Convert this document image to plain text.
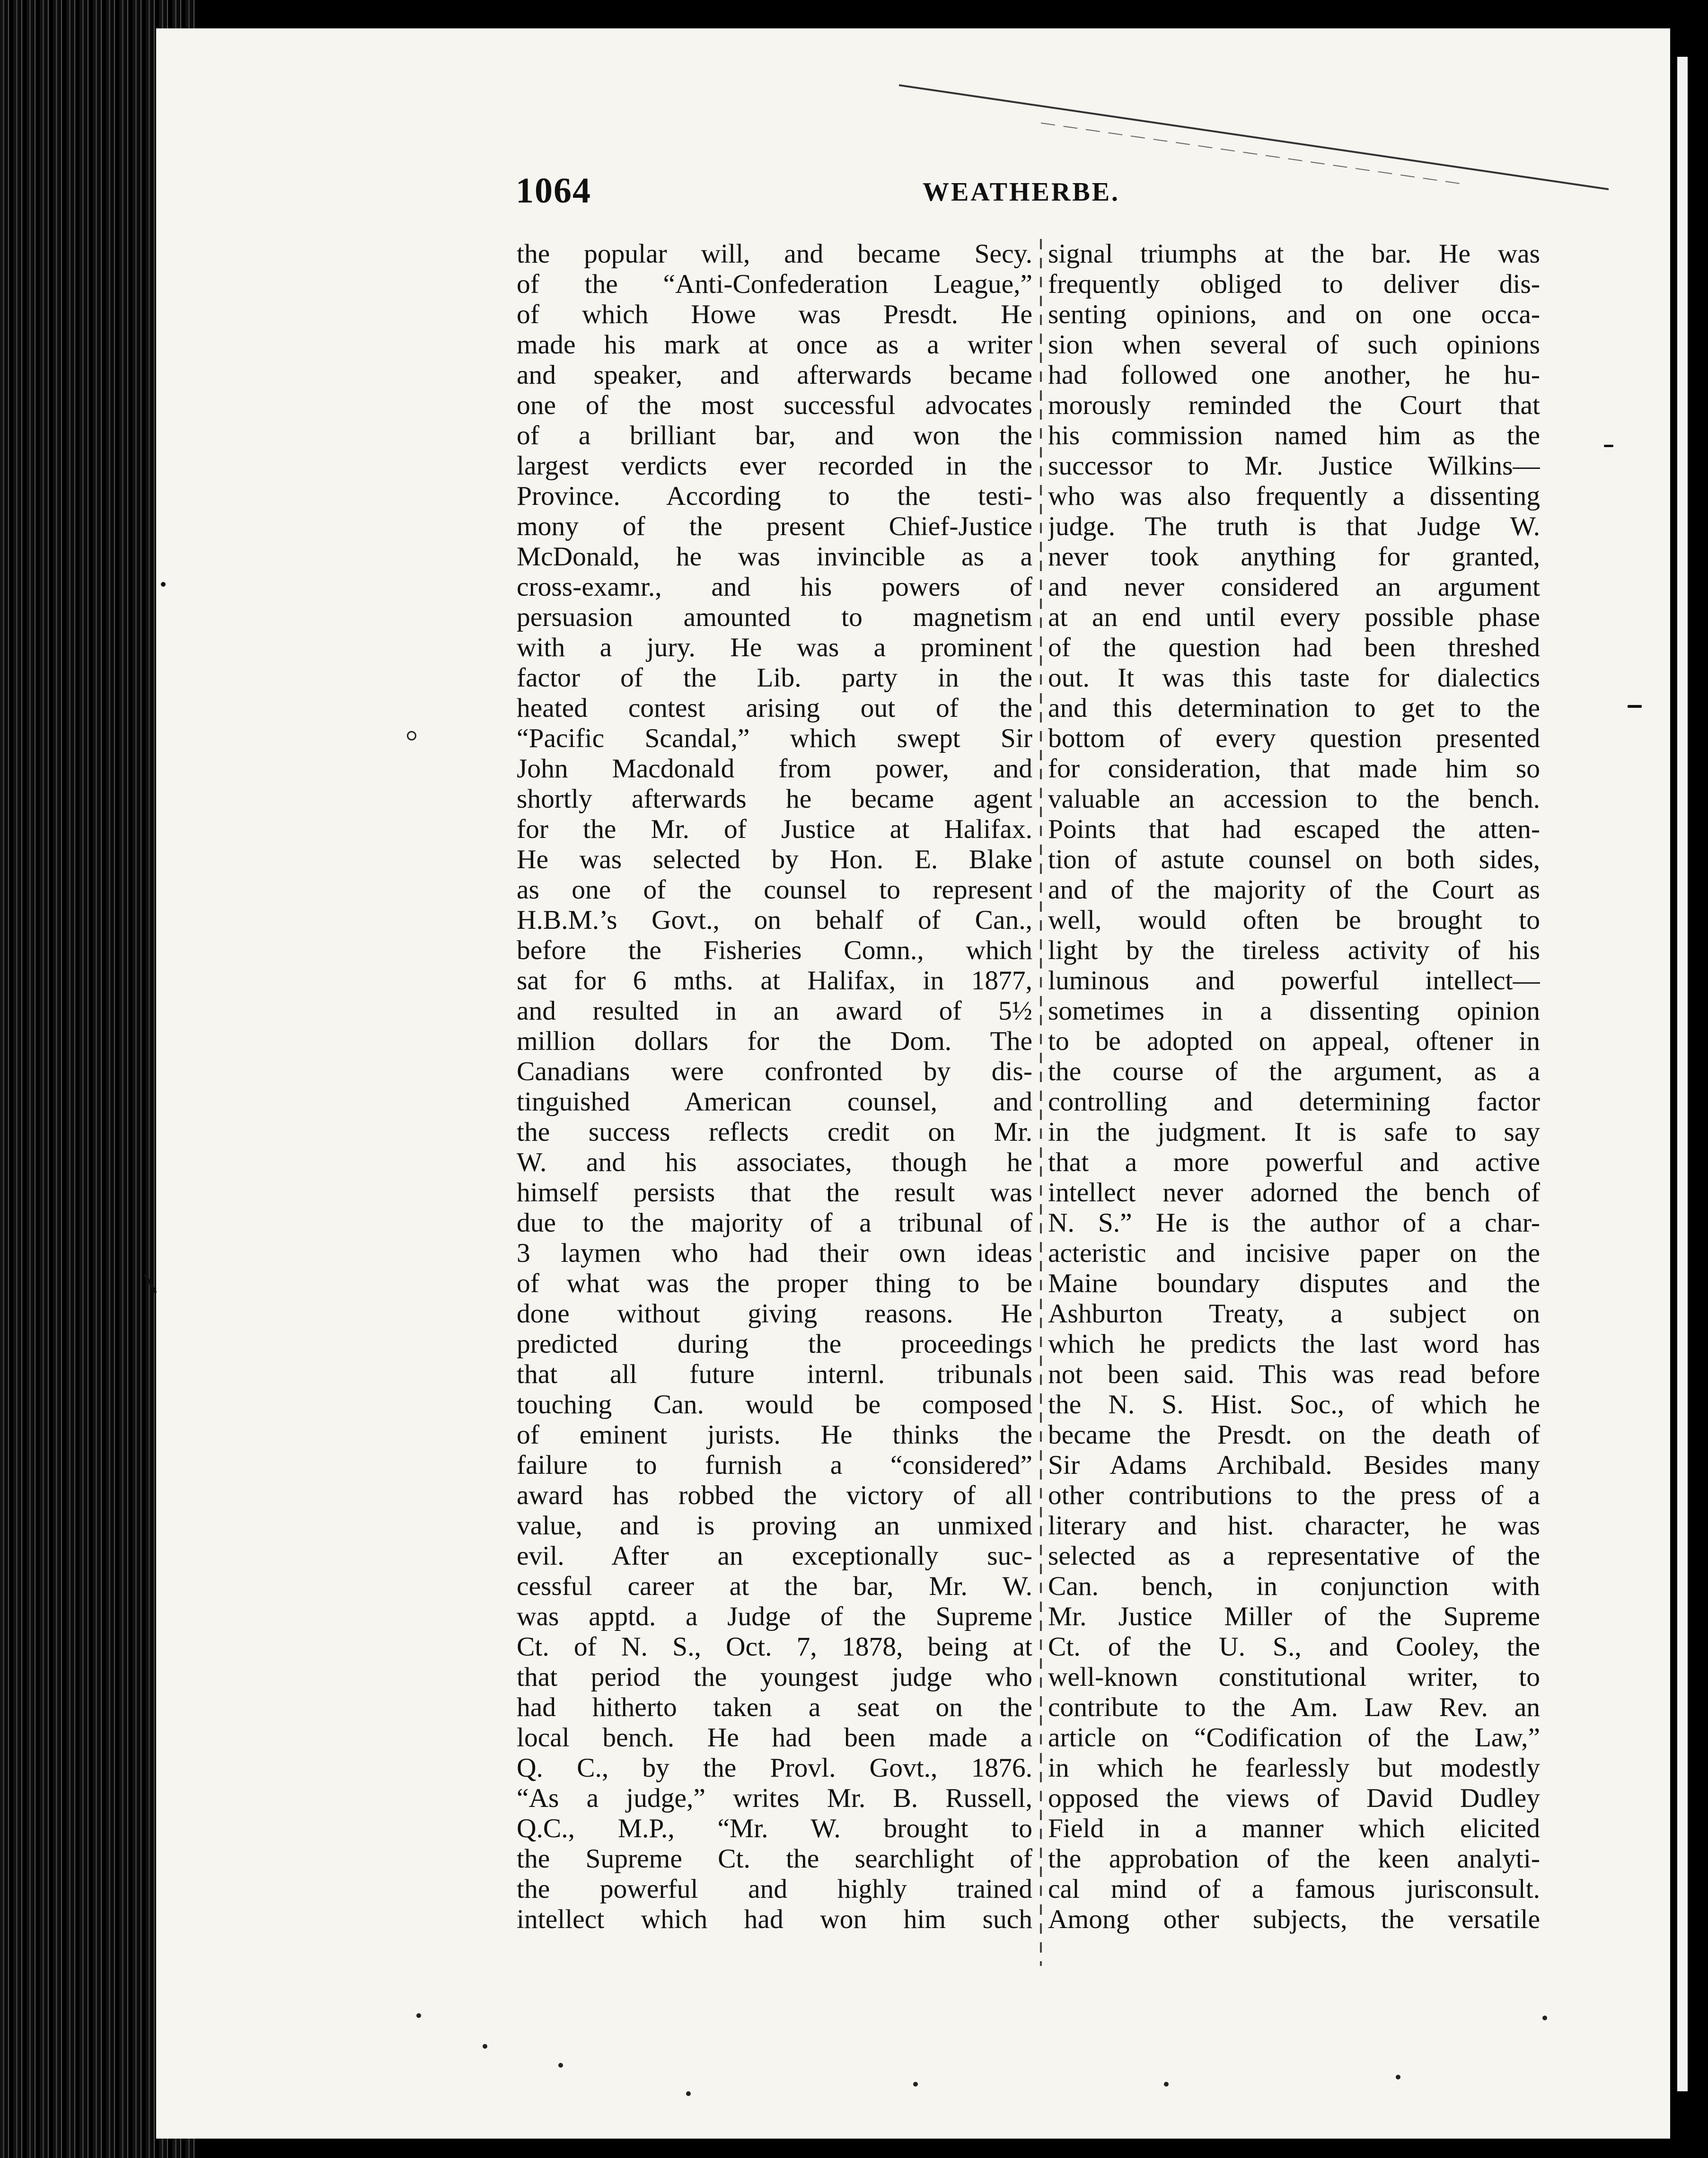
1064	WEATHERBE.
the popular will, and became Secy.
of the “Anti-Confederation League,”
of which Howe was Presdt. He
made his mark at once as a writer
and speaker, and afterwards became
one of the most successful advocates
of a brilliant bar, and won the
largest verdicts ever recorded in the
Province. According to the testi-
mony of the present Chief-Justice
McDonald, he was invincible as a
cross-examr., and his powers of
persuasion amounted to magnetism
with a jury. He was a prominent
factor of the Lib. party in the
heated contest arising out of the
“Pacific Scandal,” which swept Sir
John Macdonald from power, and
shortly afterwards he became agent
for the Mr. of Justice at Halifax.
He was selected by Hon. E. Blake
as one of the counsel to represent
H.B.M.’s Govt., on behalf of Can.,
before the Fisheries Comn., which
sat for 6 mths. at Halifax, in 1877,
and resulted in an award of 5½
million dollars for the Dom. The
Canadians were confronted by dis-
tinguished American counsel, and
the success reflects credit on Mr.
W. and his associates, though he
himself persists that the result was
due to the majority of a tribunal of
3 laymen who had their own ideas
of what was the proper thing to be
done without giving reasons. He
predicted during the proceedings
that all future internl. tribunals
touching Can. would be composed
of eminent jurists. He thinks the
failure to furnish a “considered”
award has robbed the victory of all
value, and is proving an unmixed
evil. After an exceptionally suc-
cessful career at the bar, Mr. W.
was apptd. a Judge of the Supreme
Ct. of N. S., Oct. 7, 1878, being at
that period the youngest judge who
had hitherto taken a seat on the
local bench. He had been made a
Q. C., by the Provl. Govt., 1876.
“As a judge,” writes Mr. B. Russell,
Q.C., M.P., “Mr. W. brought to
the Supreme Ct. the searchlight of
the powerful and highly trained
intellect which had won him such
signal triumphs at the bar. He was
frequently obliged to deliver dis-
senting opinions, and on one occa-
sion when several of such opinions
had followed one another, he hu-
morously reminded the Court that
his commission named him as the
successor to Mr. Justice Wilkins—
who was also frequently a dissenting
judge. The truth is that Judge W.
never took anything for granted,
and never considered an argument
at an end until every possible phase
of the question had been threshed
out. It was this taste for dialectics
and this determination to get to the
bottom of every question presented
for consideration, that made him so
valuable an accession to the bench.
Points that had escaped the atten-
tion of astute counsel on both sides,
and of the majority of the Court as
well, would often be brought to
light by the tireless activity of his
luminous and powerful intellect—
sometimes in a dissenting opinion
to be adopted on appeal, oftener in
the course of the argument, as a
controlling and determining factor
in the judgment. It is safe to say
that a more powerful and active
intellect never adorned the bench of
N. S.” He is the author of a char-
acteristic and incisive paper on the
Maine boundary disputes and the
Ashburton Treaty, a subject on
which he predicts the last word has
not been said. This was read before
the N. S. Hist. Soc., of which he
became the Presdt. on the death of
Sir Adams Archibald. Besides many
other contributions to the press of a
literary and hist. character, he was
selected as a representative of the
Can. bench, in conjunction with
Mr. Justice Miller of the Supreme
Ct. of the U. S., and Cooley, the
well-known constitutional writer, to
contribute to the Am. Law Rev. an
article on “Codification of the Law,”
in which he fearlessly but modestly
opposed the views of David Dudley
Field in a manner which elicited
the approbation of the keen analyti-
cal mind of a famous jurisconsult.
Among other subjects, the versatile
